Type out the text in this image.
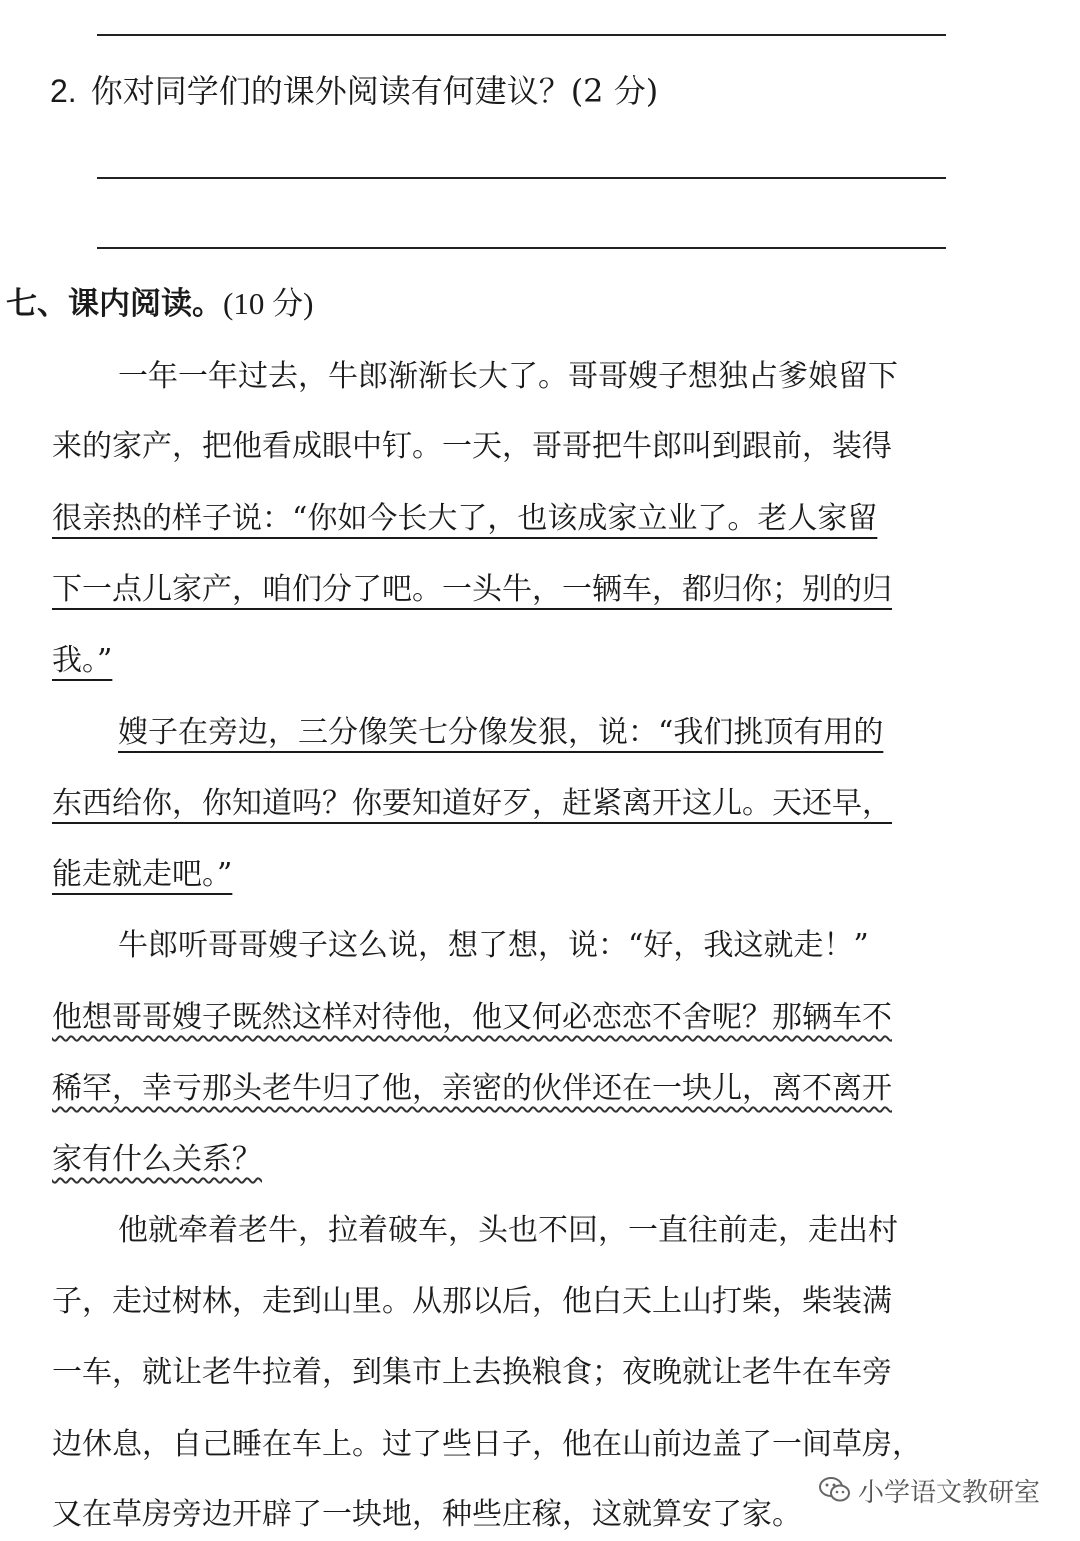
2. 你对同学们的课外阅读有何建议？(2 分)
七、课内阅读。(10 分)
一年一年过去，牛郎渐渐长大了。哥哥嫂子想独占爹娘留下
来的家产，把他看成眼中钉。一天，哥哥把牛郎叫到跟前，装得
很亲热的样子说：“你如今长大了，也该成家立业了。老人家留
下一点儿家产，咱们分了吧。一头牛，一辆车，都归你；别的归
我。”
嫂子在旁边，三分像笑七分像发狠，说：“我们挑顶有用的
东西给你，你知道吗？你要知道好歹，赶紧离开这儿。天还早，
能走就走吧。”
牛郎听哥哥嫂子这么说，想了想，说：“好，我这就走！”
他想哥哥嫂子既然这样对待他，他又何必恋恋不舍呢？那辆车不
稀罕，幸亏那头老牛归了他，亲密的伙伴还在一块儿，离不离开
家有什么关系？
他就牵着老牛，拉着破车，头也不回，一直往前走，走出村
子，走过树林，走到山里。从那以后，他白天上山打柴，柴装满
一车，就让老牛拉着，到集市上去换粮食；夜晚就让老牛在车旁
边休息，自己睡在车上。过了些日子，他在山前边盖了一间草房，
又在草房旁边开辟了一块地，种些庄稼，这就算安了家。
小学语文教研室
